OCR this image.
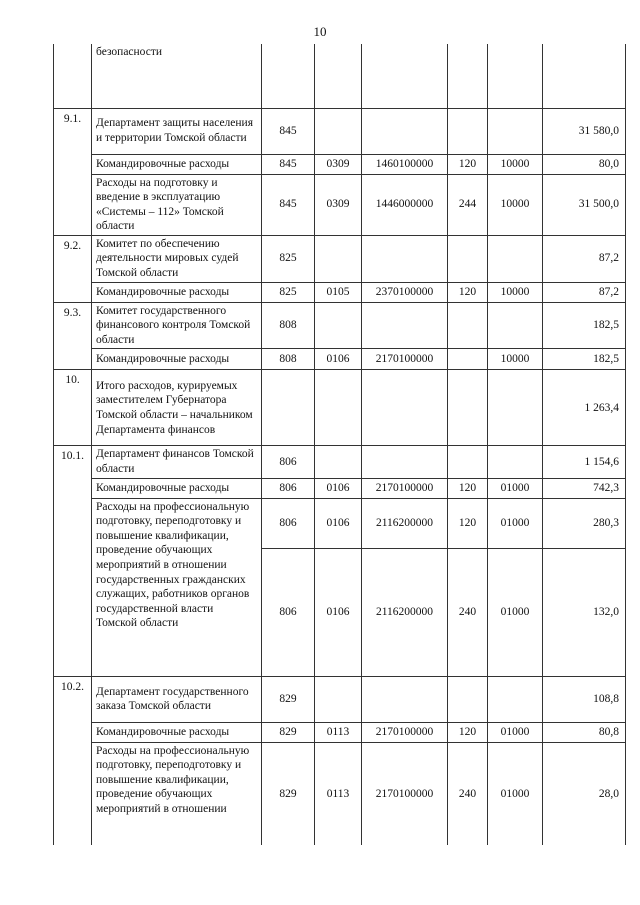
10
	безопасности						
9.1.	Департамент защиты населения и территории Томской области	845					31 580,0
	Командировочные расходы	845	0309	1460100000	120	10000	80,0
	Расходы на подготовку и введение в эксплуатацию «Системы – 112» Томской области	845	0309	1446000000	244	10000	31 500,0
9.2.	Комитет по обеспечению деятельности мировых судей Томской области	825					87,2
	Командировочные расходы	825	0105	2370100000	120	10000	87,2
9.3.	Комитет государственного финансового контроля Томской области	808					182,5
	Командировочные расходы	808	0106	2170100000		10000	182,5
10.	Итого расходов, курируемых заместителем Губернатора Томской области – начальником Департамента финансов						1 263,4
10.1.	Департамент финансов Томской области	806					1 154,6
	Командировочные расходы	806	0106	2170100000	120	01000	742,3
	Расходы на профессиональную подготовку, переподготовку и повышение квалификации, проведение обучающих мероприятий в отношении государственных гражданских служащих, работников органов государственной власти Томской области	806	0106	2116200000	120	01000	280,3
		806	0106	2116200000	240	01000	132,0
10.2.	Департамент государственного заказа Томской области	829					108,8
	Командировочные расходы	829	0113	2170100000	120	01000	80,8
	Расходы на профессиональную подготовку, переподготовку и повышение квалификации, проведение обучающих мероприятий в отношении	829	0113	2170100000	240	01000	28,0
